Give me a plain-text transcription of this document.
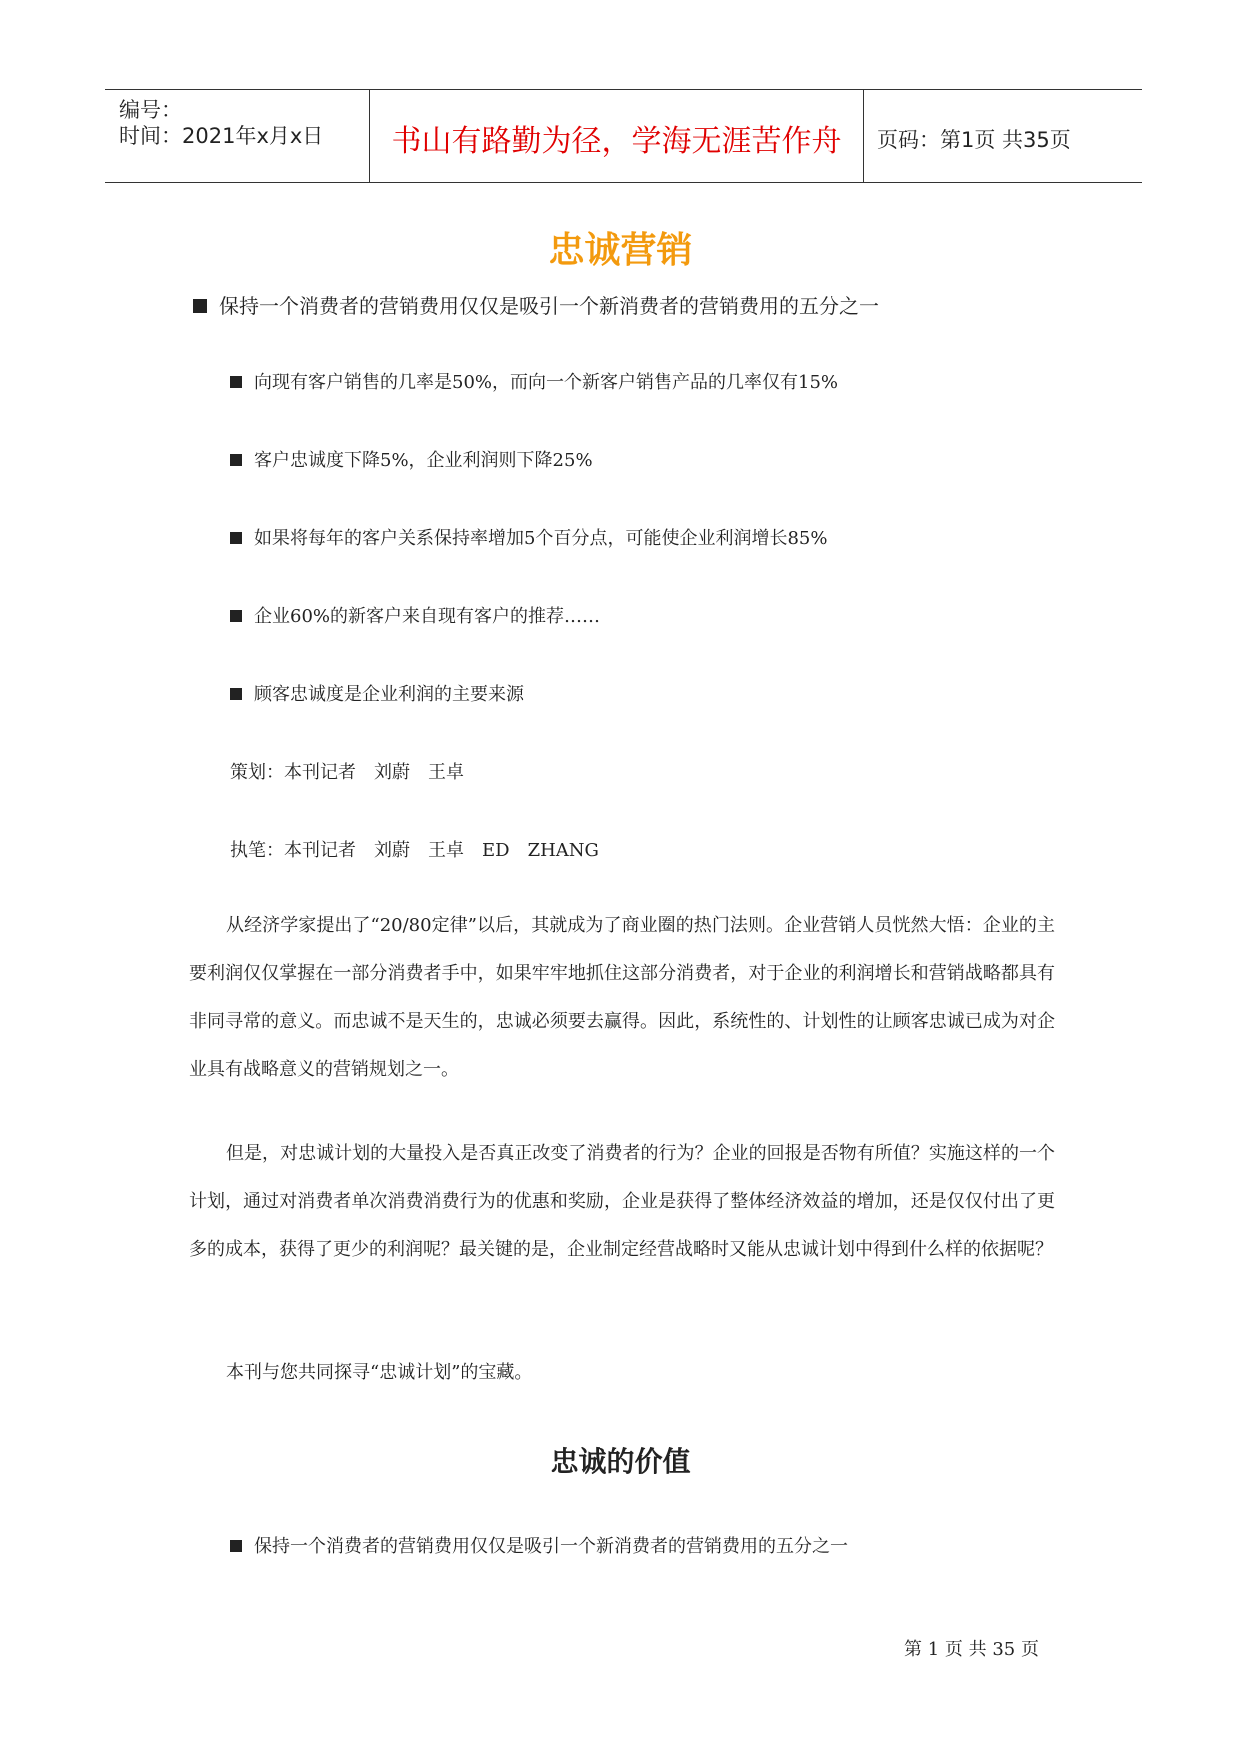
编号：
时间：2021年x月x日	书山有路勤为径，学海无涯苦作舟	页码：第1页 共35页
忠诚营销
保持一个消费者的营销费用仅仅是吸引一个新消费者的营销费用的五分之一
向现有客户销售的几率是50%，而向一个新客户销售产品的几率仅有15%
客户忠诚度下降5%，企业利润则下降25%
如果将每年的客户关系保持率增加5个百分点，可能使企业利润增长85%
企业60%的新客户来自现有客户的推荐……
顾客忠诚度是企业利润的主要来源
策划：本刊记者　刘蔚　王卓
执笔：本刊记者　刘蔚　王卓　ED　ZHANG

从经济学家提出了“20/80定律”以后，其就成为了商业圈的热门法则。企业营销人员恍然大悟：企业的主要利润仅仅掌握在一部分消费者手中，如果牢牢地抓住这部分消费者，对于企业的利润增长和营销战略都具有非同寻常的意义。而忠诚不是天生的，忠诚必须要去赢得。因此，系统性的、计划性的让顾客忠诚已成为对企业具有战略意义的营销规划之一。

但是，对忠诚计划的大量投入是否真正改变了消费者的行为？企业的回报是否物有所值？实施这样的一个计划，通过对消费者单次消费消费行为的优惠和奖励，企业是获得了整体经济效益的增加，还是仅仅付出了更多的成本，获得了更少的利润呢？最关键的是，企业制定经营战略时又能从忠诚计划中得到什么样的依据呢？

本刊与您共同探寻“忠诚计划”的宝藏。
忠诚的价值
保持一个消费者的营销费用仅仅是吸引一个新消费者的营销费用的五分之一
第 1 页 共 35 页
